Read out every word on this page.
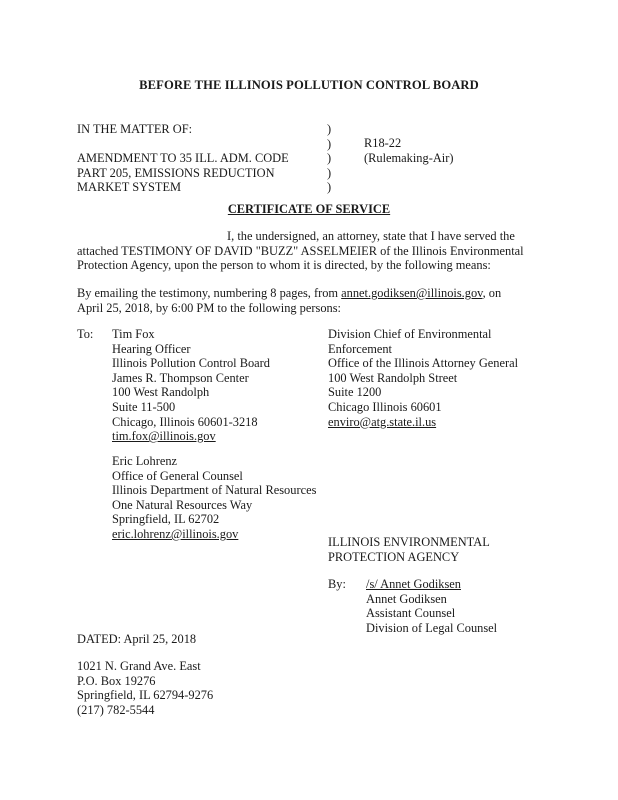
BEFORE THE ILLINOIS POLLUTION CONTROL BOARD
IN THE MATTER OF:
AMENDMENT TO 35 ILL. ADM. CODE
PART 205, EMISSIONS REDUCTION
MARKET SYSTEM
)
)
)
)
)
R18-22
(Rulemaking-Air)
CERTIFICATE OF SERVICE
I, the undersigned, an attorney, state that I have served the attached TESTIMONY OF DAVID "BUZZ" ASSELMEIER of the Illinois Environmental Protection Agency, upon the person to whom it is directed, by the following means:
By emailing the testimony, numbering 8 pages, from annet.godiksen@illinois.gov, on April 25, 2018, by 6:00 PM to the following persons:
To: Tim Fox
Hearing Officer
Illinois Pollution Control Board
James R. Thompson Center
100 West Randolph
Suite 11-500
Chicago, Illinois 60601-3218
tim.fox@illinois.gov
Division Chief of Environmental
Enforcement
Office of the Illinois Attorney General
100 West Randolph Street
Suite 1200
Chicago Illinois 60601
enviro@atg.state.il.us
Eric Lohrenz
Office of General Counsel
Illinois Department of Natural Resources
One Natural Resources Way
Springfield, IL 62702
eric.lohrenz@illinois.gov
ILLINOIS ENVIRONMENTAL
PROTECTION AGENCY
By: /s/ Annet Godiksen
Annet Godiksen
Assistant Counsel
Division of Legal Counsel
DATED: April 25, 2018
1021 N. Grand Ave. East
P.O. Box 19276
Springfield, IL 62794-9276
(217) 782-5544
